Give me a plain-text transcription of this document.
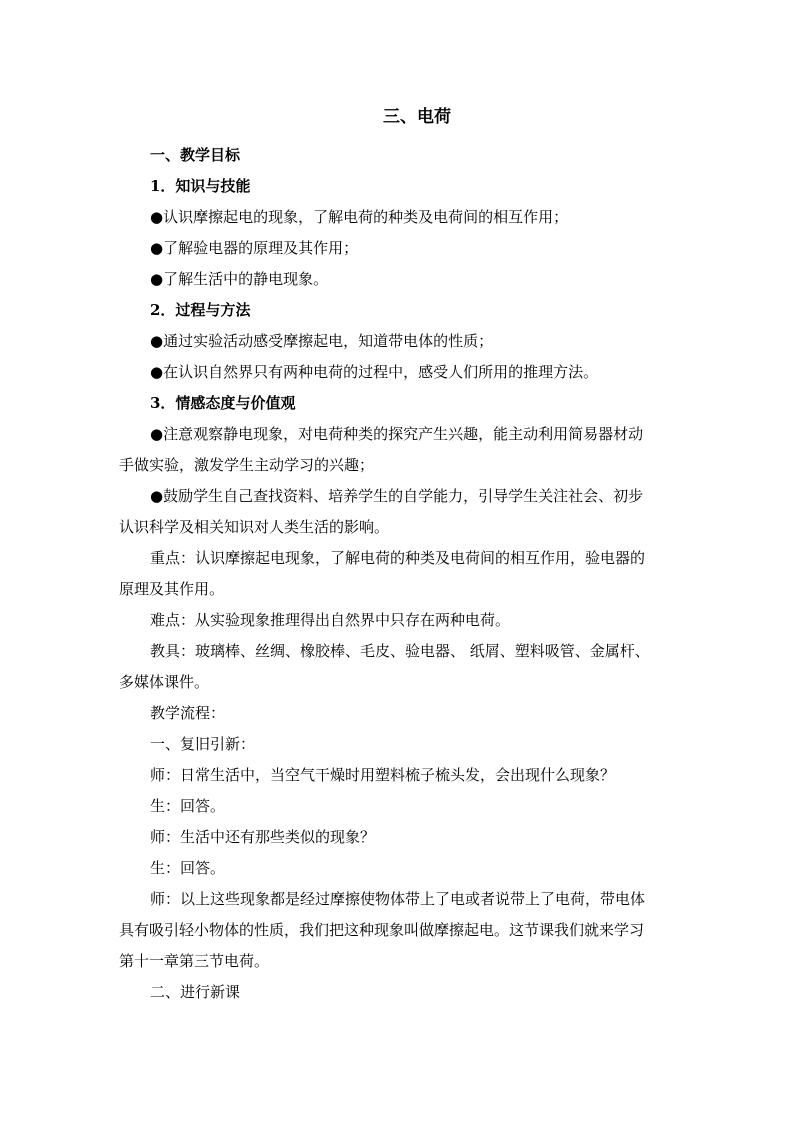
三、电荷
一、教学目标
1．知识与技能
●认识摩擦起电的现象，了解电荷的种类及电荷间的相互作用；
●了解验电器的原理及其作用；
●了解生活中的静电现象。
2．过程与方法
●通过实验活动感受摩擦起电，知道带电体的性质；
●在认识自然界只有两种电荷的过程中，感受人们所用的推理方法。
3．情感态度与价值观
●注意观察静电现象，对电荷种类的探究产生兴趣，能主动利用简易器材动
手做实验，激发学生主动学习的兴趣；
●鼓励学生自己查找资料、培养学生的自学能力，引导学生关注社会、初步
认识科学及相关知识对人类生活的影响。
重点：认识摩擦起电现象，了解电荷的种类及电荷间的相互作用，验电器的
原理及其作用。
难点：从实验现象推理得出自然界中只存在两种电荷。
教具：玻璃棒、丝绸、橡胶棒、毛皮、验电器、 纸屑、塑料吸管、金属杆、
多媒体课件。
教学流程：
一、复旧引新：
师：日常生活中，当空气干燥时用塑料梳子梳头发，会出现什么现象？
生：回答。
师：生活中还有那些类似的现象？
生：回答。
师：以上这些现象都是经过摩擦使物体带上了电或者说带上了电荷，带电体
具有吸引轻小物体的性质，我们把这种现象叫做摩擦起电。这节课我们就来学习
第十一章第三节电荷。
二、进行新课
